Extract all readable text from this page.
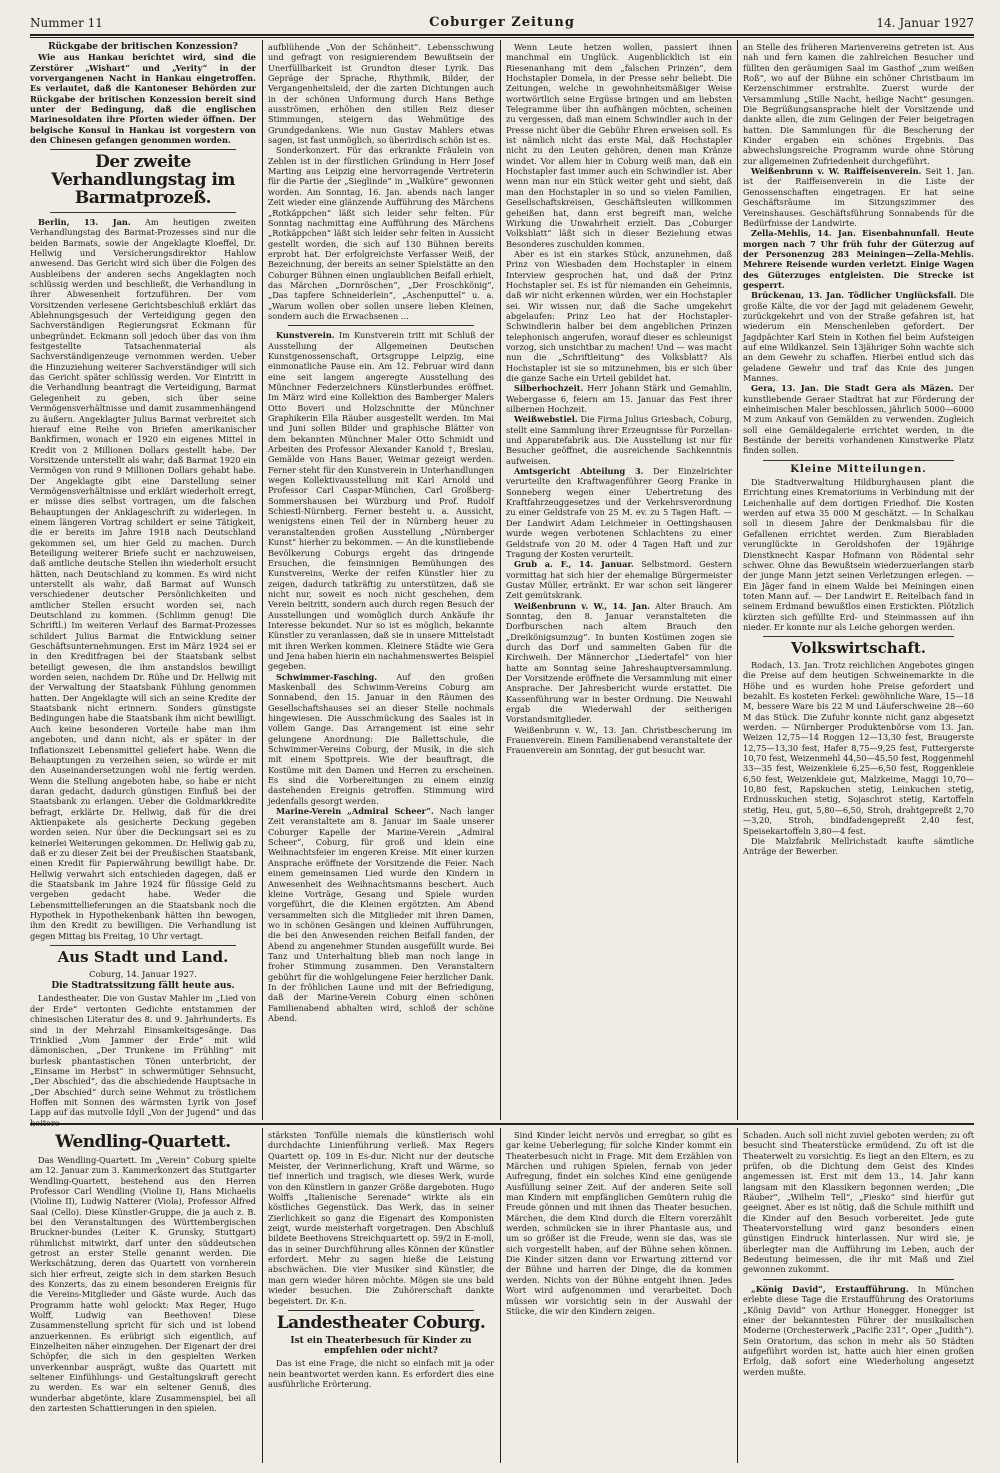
Nummer 11	Coburger Zeitung	14. Januar 1927
Rückgabe der britischen Konzession?

Wie aus Hankau berichtet wird, sind die Zerstörer „Wishart“ und „Verity“ in der vorvergangenen Nacht in Hankau eingetroffen. Es verlautet, daß die Kantoneser Behörden zur Rückgabe der britischen Konzession bereit sind unter der Bedingung, daß die englischen Marinesoldaten ihre Pforten wieder öffnen. Der belgische Konsul in Hankau ist vorgestern von den Chinesen gefangen genommen worden.

Der zweite Verhandlungstag im Barmatprozeß.

Berlin, 13. Jan. Am heutigen zweiten Verhandlungstag des Barmat-Prozesses sind nur die beiden Barmats, sowie der Angeklagte Kloeffel, Dr. Hellwig und Versicherungsdirektor Hahlow anwesend. Das Gericht wird sich über die Folgen des Ausbleibens der anderen sechs Angeklagten noch schlüssig werden und beschließt, die Verhandlung in ihrer Abwesenheit fortzuführen. Der vom Vorsitzenden verlesene Gerichtsbeschluß erklärt das Ablehnungsgesuch der Verteidigung gegen den Sachverständigen Regierungsrat Eckmann für unbegründet. Eckmann soll jedoch über das von ihm festgestellte Tatsachenmaterial als Sachverständigenzeuge vernommen werden. Ueber die Hinzuziehung weiterer Sachverständiger will sich das Gericht später schlüssig werden. Vor Eintritt in die Verhandlung beantragt die Verteidigung, Barmat Gelegenheit zu geben, sich über seine Vermögensverhältnisse und damit zusammenhängend zu äußern. Angeklagter Julius Barmat verbreitet sich hierauf eine Reihe von Briefen amerikanischer Bankfirmen, wonach er 1920 ein eigenes Mittel in Kredit von 2 Millionen Dollars gestellt habe. Der Vorsitzende unterstellt als wahr, daß Barmat 1920 ein Vermögen von rund 9 Millionen Dollars gehabt habe. Der Angeklagte gibt eine Darstellung seiner Vermögensverhältnisse und erklärt wiederholt erregt, er müsse dies selbst vortragen, um die falschen Behauptungen der Anklageschrift zu widerlegen. In einem längeren Vortrag schildert er seine Tätigkeit, die er bereits im Jahre 1918 nach Deutschland gekommen sei, um hier Geld zu machen. Durch Beteiligung weiterer Briefe sucht er nachzuweisen, daß amtliche deutsche Stellen ihn wiederholt ersucht hätten, nach Deutschland zu kommen. Es wird nicht unterstellt als wahr, daß Barmat auf Wunsch verschiedener deutscher Persönlichkeiten und amtlicher Stellen ersucht worden sei, nach Deutschland zu kommen. (Schlimm genug! Die Schriftl.) Im weiteren Verlauf des Barmat-Prozesses schildert Julius Barmat die Entwicklung seiner Geschäftsunternehmungen. Erst im März 1924 sei er in den Kreditfragen bei der Staatsbank selbst beteiligt gewesen, die ihm anstandslos bewilligt worden seien, nachdem Dr. Rühe und Dr. Hellwig mit der Verwaltung der Staatsbank Fühlung genommen hatten. Der Angeklagte will sich an seine Kredite der Staatsbank nicht erinnern. Sonders günstigste Bedingungen habe die Staatsbank ihm nicht bewilligt. Auch keine besonderen Vorteile habe man ihm angeboten, und dann nicht, als er später in der Inflationszeit Lebensmittel geliefert habe. Wenn die Behauptungen zu verzeihen seien, so würde er mit den Auseinandersetzungen wohl nie fertig werden. Wenn die Stellung angeboten habe, so habe er nicht daran gedacht, dadurch günstigen Einfluß bei der Staatsbank zu erlangen. Ueber die Goldmarkkredite befragt, erklärte Dr. Hellwig, daß für die drei Aktienpakete als gesicherte Deckung gegeben worden seien. Nur über die Deckungsart sei es zu keinerlei Weiterungen gekommen. Dr. Hellwig gab zu, daß er zu dieser Zeit bei der Preußischen Staatsbank, einen Kredit für Papierwährung bewilligt habe. Dr. Hellwig verwahrt sich entschieden dagegen, daß er die Staatsbank im Jahre 1924 für flüssige Geld zu vergeben gedacht habe. Weder die Lebensmittellieferungen an die Staatsbank noch die Hypothek in Hypothekenbank hätten ihn bewogen, ihm den Kredit zu bewilligen. Die Verhandlung ist gegen Mittag bis Freitag, 10 Uhr vertagt.

Aus Stadt und Land.
Coburg, 14. Januar 1927.
Die Stadtratssitzung fällt heute aus.

Landestheater. Die von Gustav Mahler im „Lied von der Erde“ vertonten Gedichte entstammen der chinesischen Literatur des 8. und 9. Jahrhunderts. Es sind in der Mehrzahl Einsamkeitsgesänge. Das Trinklied „Vom Jammer der Erde“ mit wild dämonischen, „Der Trunkene im Frühling“ mit burlesk phantastischen Tönen unterbricht, der „Einsame im Herbst“ in schwermütiger Sehnsucht, „Der Abschied“, das die abschiedende Hauptsache in „Der Abschied“ durch seine Wehmut zu tröstlichem Hoffen mit Sonnen des wärmsten Lyrik von Josef Lapp auf das mutvolle Idyll „Von der Jugend“ und das heitere

aufblühende „Von der Schönheit“. Lebensschwung und gefragt von resignierendem Bewußtsein der Unerfüllbarkeit ist Grundton dieser Lyrik. Das Gepräge der Sprache, Rhythmik, Bilder, der Vergangenheitsleid, der die zarten Dichtungen auch in der schönen Unformung durch Hans Bethge ausströmen, erhöhen den stillen Reiz dieser Stimmungen, steigern das Wehmütige des Grundgedankens. Wie nun Gustav Mahlers etwas sagen, ist fast unmöglich, so überirdisch schön ist es.

Sonderkonzert. Für das erkrankte Fräulein von Zeblen ist in der fürstlichen Gründung in Herr Josef Marting aus Leipzig eine hervorragende Vertreterin für die Partie der „Sieglinde“ in „Walküre“ gewonnen worden. Am Sonntag, 16. Jan. abends nach langer Zeit wieder eine glänzende Aufführung des Märchens „Rotkäppchen“ läßt sich leider sehr felten. Für Sonntag nachmittag eine Aufführung des Märchens „Rotkäppchen“ läßt sich leider sehr felten in Aussicht gestellt worden, die sich auf 130 Bühnen bereits erprobt hat. Der erfolgreichste Verfasser Weiß, der Bezeichnung, der bereits an seiner Spielstätte an den Coburger Bühnen einen unglaublichen Beifall erhielt, das Märchen „Dornröschen“, „Der Froschkönig“, „Das tapfere Schneiderlein“, „Aschenputtel“ u. a. „Warum wollen ober sollen unsere lieben Kleinen, sondern auch die Erwachsenen ...

Kunstverein. Im Kunstverein tritt mit Schluß der Ausstellung der Allgemeinen Deutschen Kunstgenossenschaft, Ortsgruppe Leipzig, eine einmonatliche Pause ein. Am 12. Februar wird dann eine seit langem angeregte Ausstellung des Münchner Federzeichners Künstlerbundes eröffnet. Im März wird eine Kollektion des Bamberger Malers Otto Boveri und Holzschnitte der Münchner Graphikerin Ella Räuber ausgestellt werden. Im Mai und Juni sollen Bilder und graphische Blätter von dem bekannten Münchner Maler Otto Schmidt und Arbeiten des Professor Alexander Kanold †, Breslau, Gemälde von Hans Bauer, Weimar gezeigt werden. Ferner steht für den Kunstverein in Unterhandlungen wegen Kollektivausstellung mit Karl Arnold und Professor Carl Caspar-München, Carl Großberg-Sommershausen bei Würzburg und Prof. Rudolf Schiestl-Nürnberg. Ferner besteht u. a. Aussicht, wenigstens einen Teil der in Nürnberg heuer zu veranstaltenden großen Ausstellung „Nürnberger Kunst“ hierher zu bekommen. — An die kunstliebende Bevölkerung Coburgs ergeht das dringende Ersuchen, die feinsinnigen Bemühungen des Kunstvereins, Werke der reifen Künstler hier zu zeigen, dadurch tatkräftig zu unterstützen, daß sie nicht nur, soweit es noch nicht geschehen, dem Verein beitritt, sondern auch durch regen Besuch der Ausstellungen und womöglich durch Ankäufe ihr Interesse bekundet. Nur so ist es möglich, bekannte Künstler zu veranlassen, daß sie in unsere Mittelstadt mit ihren Werken kommen. Kleinere Städte wie Gera und Jena haben hierin ein nachahmenswertes Beispiel gegeben.

Schwimmer-Fasching. Auf den großen Maskenball des Schwimm-Vereins Coburg am Sonnabend, den 15. Januar in den Räumen des Gesellschaftshauses sei an dieser Stelle nochmals hingewiesen. Die Ausschmückung des Saales ist in vollem Gange. Das Arrangement ist eine sehr gelungene Anordnung: Die Ballettschule, die Schwimmer-Vereins Coburg, der Musik, in die sich mit einem Spottpreis. Wie der beauftragt, die Kostüme mit den Damen und Herren zu erscheinen. Es sind die Vorbereitungen zu einem einzig dastehenden Ereignis getroffen. Stimmung wird jedenfalls gesorgt werden.

Marine-Verein „Admiral Scheer“. Nach langer Zeit veranstaltete am 8. Januar im Saale unserer Coburger Kapelle der Marine-Verein „Admiral Scheer“, Coburg, für groß und klein eine Weihnachtsfeier im engeren Kreise. Mit einer kurzen Ansprache eröffnete der Vorsitzende die Feier. Nach einem gemeinsamen Lied wurde den Kindern in Anwesenheit des Weihnachtsmanns beschert. Auch kleine Vorträge, Gesang und Spiele wurden vorgeführt, die die Kleinen ergötzten. Am Abend versammelten sich die Mitglieder mit ihren Damen, wo in schönen Gesängen und kleinen Aufführungen, die bei den Anwesenden reichen Beifall fanden, der Abend zu angenehmer Stunden ausgefüllt wurde. Bei Tanz und Unterhaltung blieb man noch lange in froher Stimmung zusammen. Den Veranstaltern gebührt für die wohlgelungene Feier herzlicher Dank. In der fröhlichen Laune und mit der Befriedigung, daß der Marine-Verein Coburg einen schönen Familienabend abhalten wird, schloß der schöne Abend.

Wenn Leute hetzen wollen, passiert ihnen manchmal ein Unglück. Augenblicklich ist ein Riesenanhang mit dem „falschen Prinzen“, dem Hochstapler Domela, in der Presse sehr beliebt. Die Zeitungen, welche in gewohnheitsmäßiger Weise wortwörtlich seine Ergüsse bringen und am liebsten Telegramme über ihn aufhängen möchten, scheinen zu vergessen, daß man einem Schwindler auch in der Presse nicht über die Gebühr Ehren erweisen soll. Es ist nämlich nicht das erste Mal, daß Hochstapler nicht zu den Leuten gehören, denen man Kränze windet. Vor allem hier in Coburg weiß man, daß ein Hochstapler fast immer auch ein Schwindler ist. Aber wenn man nur ein Stück weiter geht und sieht, daß man den Hochstapler in so und so vielen Familien, Gesellschaftskreisen, Geschäftsleuten willkommen geheißen hat, dann erst begreift man, welche Wirkung die Unwahrheit erzielt. Das „Coburger Volksblatt“ läßt sich in dieser Beziehung etwas Besonderes zuschulden kommen.

Aber es ist ein starkes Stück, anzunehmen, daß Prinz von Wiesbaden dem Hochstapler in einem Interview gesprochen hat, und daß der Prinz Hochstapler sei. Es ist für niemanden ein Geheimnis, daß wir nicht erkennen würden, wer ein Hochstapler sei. Wir wissen nur, daß die Sache umgekehrt abgelaufen: Prinz Leo hat der Hochstapler-Schwindlerin halber bei dem angeblichen Prinzen telephonisch angerufen, worauf dieser es schleunigst vorzog, sich unsichtbar zu machen! Und — was macht nun die „Schriftleitung“ des Volksblatt? Als Hochstapler ist sie so mitzunehmen, bis er sich über die ganze Sache ein Urteil gebildet hat.

Silberhochzeit. Herr Johann Stärk und Gemahlin, Webergasse 6, feiern am 15. Januar das Fest ihrer silbernen Hochzeit.

Weißwebstiel. Die Firma Julius Griesbach, Coburg, stellt eine Sammlung ihrer Erzeugnisse für Porzellan- und Apparatefabrik aus. Die Ausstellung ist nur für Besucher geöffnet, die ausreichende Sachkenntnis aufweisen.

Amtsgericht Abteilung 3. Der Einzelrichter verurteilte den Kraftwagenführer Georg Franke in Sonneberg wegen einer Uebertretung des Kraftfahrzeuggesetzes und der Verkehrsverordnung zu einer Geldstrafe von 25 M. ev. zu 5 Tagen Haft. — Der Landwirt Adam Leichmeier in Oettingshausen wurde wegen verbotenen Schlachtens zu einer Geldstrafe von 20 M. oder 4 Tagen Haft und zur Tragung der Kosten verurteilt.

Grub a. F., 14. Januar. Selbstmord. Gestern vormittag hat sich hier der ehemalige Bürgermeister Gustav Müller, ertränkt. Er war schon seit längerer Zeit gemütskrank.

Weißenbrunn v. W., 14. Jan. Alter Brauch. Am Sonntag, den 8. Januar veranstalteten die Dorfburschen nach altem Brauch den „Dreikönigsumzug“. In bunten Kostümen zogen sie durch das Dorf und sammelten Gaben für die Kirchweih. Der Männerchor „Liedertafel“ von hier hatte am Sonntag seine Jahreshauptversammlung. Der Vorsitzende eröffnete die Versammlung mit einer Ansprache. Der Jahresbericht wurde erstattet. Die Kassenführung war in bester Ordnung. Die Neuwahl ergab die Wiederwahl der seitherigen Vorstandsmitglieder.

Weißenbrunn v. W., 13. Jan. Christbescherung im Frauenverein. Einem Familienabend veranstaltete der Frauenverein am Sonntag, der gut besucht war.

an Stelle des früheren Marienvereins getreten ist. Aus nah und fern kamen die zahlreichen Besucher und füllten den geräumigen Saal im Gasthof „zum weißen Roß“, wo auf der Bühne ein schöner Christbaum im Kerzenschimmer erstrahlte. Zuerst wurde der Versammlung „Stille Nacht, heilige Nacht“ gesungen. Die Begrüßungsansprache hielt der Vorsitzende und dankte allen, die zum Gelingen der Feier beigetragen hatten. Die Sammlungen für die Bescherung der Kinder ergaben ein schönes Ergebnis. Das abwechslungsreiche Programm wurde ohne Störung zur allgemeinen Zufriedenheit durchgeführt.

Weißenbrunn v. W. Raiffeisenverein. Seit 1. Jan. ist der Raiffeisenverein in die Liste der Genossenschaften eingetragen. Er hat seine Geschäftsräume im Sitzungszimmer des Vereinshauses. Geschäftsführung Sonnabends für die Bedürfnisse der Landwirte.

Zella-Mehlis, 14. Jan. Eisenbahnunfall. Heute morgen nach 7 Uhr früh fuhr der Güterzug auf der Personenzug 283 Meiningen—Zella-Mehlis. Mehrere Reisende wurden verletzt. Einige Wagen des Güterzuges entgleisten. Die Strecke ist gesperrt.

Brückenau, 13. Jan. Tödlicher Unglücksfall. Die große Kälte, die vor der Jagd mit geladenem Gewehr, zurückgekehrt und von der Straße gefahren ist, hat wiederum ein Menschenleben gefordert. Der Jagdpächter Karl Stein in Kothen fiel beim Aufsteigen auf eine Wildkanzel. Sein 13jähriger Sohn wachte sich an dem Gewehr zu schaffen. Hierbei entlud sich das geladene Gewehr und traf das Knie des jungen Mannes.

Gera, 13. Jan. Die Stadt Gera als Mäzen. Der kunstliebende Geraer Stadtrat hat zur Förderung der einheimischen Maler beschlossen, jährlich 5000—6000 M zum Ankauf von Gemälden zu verwenden. Zugleich soll eine Gemäldegalerie errichtet werden, in die Bestände der bereits vorhandenen Kunstwerke Platz finden sollen.

Kleine Mitteilungen.

Die Stadtverwaltung Hildburghausen plant die Errichtung eines Krematoriums in Verbindung mit der Leichenhalle auf dem dortigen Friedhof. Die Kosten werden auf etwa 35 000 M geschätzt. — In Schalkau soll in diesem Jahre der Denkmalsbau für die Gefallenen errichtet werden. Zum Bierabladen verunglückte in Geroldshofen der 19jährige Dienstknecht Kaspar Hofmann von Rödental sehr schwer. Ohne das Bewußtsein wiederzuerlangen starb der junge Mann jetzt seinen Verletzungen erlegen. — Ein Jäger fand in einem Walde bei Meiningen einen toten Mann auf. — Der Landwirt E. Reitelbach fand in seinem Erdmand bewußtlos einen Erstickten. Plötzlich kürzten sich gefüllte Erd- und Steinmassen auf ihn nieder. Er konnte nur als Leiche geborgen werden.

Volkswirtschaft.

Rodach, 13. Jan. Trotz reichlichen Angebotes gingen die Preise auf dem heutigen Schweinemarkte in die Höhe und es wurden hohe Preise gefordert und bezahlt. Es kosteten Ferkel: gewöhnliche Ware, 15—18 M, bessere Ware bis 22 M und Läuferschweine 28—60 M das Stück. Die Zufuhr konnte nicht ganz abgesetzt werden. — Nürnberger Produktenbörse vom 13. Jan. Weizen 12,75—14 Roggen 12—13,30 fest, Braugerste 12,75—13,30 fest, Hafer 8,75—9,25 fest, Futtergerste 10,70 fest, Weizenmehl 44,50—45,50 fest, Roggenmehl 33—35 fest, Weizenkleie 6,25—6,50 fest, Roggenkleie 6,50 fest, Weizenkleie gut, Malzkeime, Maggi 10,70—10,80 fest, Rapskuchen stetig, Leinkuchen stetig, Erdnusskuchen stetig, Sojaschrot stetig, Kartoffeln stetig, Heu, gut, 5,80—6,50, Stroh, drahtgepreßt 2,70—3,20, Stroh, bindfadengepreßt 2,40 fest, Speisekartoffeln 3,80—4 fest.

Die Malzfabrik Mellrichstadt kaufte sämtliche Anträge der Bewerber.

Wendling-Quartett.

Das Wendling-Quartett. Im „Verein“ Coburg spielte am 12. Januar zum 3. Kammerkonzert das Stuttgarter Wendling-Quartett, bestehend aus den Herren Professor Carl Wendling (Violine I), Hans Michaelis (Violine II), Ludwig Natterer (Viola), Professor Alfred Saal (Cello). Diese Künstler-Gruppe, die ja auch z. B. bei den Veranstaltungen des Württembergischen Bruckner-bundes (Leiter K. Grunsky, Stuttgart) rühmlichst mitwirkt, darf unter den süddeutschen getrost an erster Stelle genannt werden. Die Werkschätzung, deren das Quartett von vornherein sich hier erfreut, zeigte sich in dem starken Besuch des Konzerts, das zu einem besonderen Ereignis für die Vereins-Mitglieder und Gäste wurde. Auch das Programm hatte wohl gelockt: Max Reger, Hugo Wolff, Ludwig van Beethoven! Diese Zusammenstellung spricht für sich und ist lobend anzuerkennen. Es erübrigt sich eigentlich, auf Einzelheiten näher einzugehen. Der Eigenart der drei Schöpfer, die sich in den gespielten Werken unverkennbar ausprägt, wußte das Quartett mit seltener Einfühlungs- und Gestaltungskraft gerecht zu werden. Es war ein seltener Genuß, dies wunderbar abgetönte, klare Zusammenspiel, bei all den zartesten Schattierungen in den spielen.

stärksten Tonfülle niemals die künstlerisch wohl durchdachte Linienführung verließ. Max Regers Quartett op. 109 in Es-dur. Nicht nur der deutsche Meister, der Verinnerlichung, Kraft und Wärme, so tief innerlich und tragisch, wie dieses Werk, wurde von den Künstlern in ganzer Größe dargeboten. Hugo Wolffs „Italienische Serenade“ wirkte als ein köstliches Gegenstück. Das Werk, das in seiner Zierlichkeit so ganz die Eigenart des Komponisten zeigt, wurde meisterhaft vorgetragen. Den Abschluß bildete Beethovens Streichquartett op. 59/2 in E-moll, das in seiner Durchführung alles Können der Künstler erfordert. Mehr zu sagen hieße die Leistung abschwächen. Die vier Musiker sind Künstler, die man gern wieder hören möchte. Mögen sie uns bald wieder besuchen. Die Zuhörerschaft dankte begeistert. Dr. K-n.

Landestheater Coburg.
Ist ein Theaterbesuch für Kinder zu empfehlen oder nicht?

Das ist eine Frage, die nicht so einfach mit ja oder nein beantwortet werden kann. Es erfordert dies eine ausführliche Erörterung.

Sind Kinder leicht nervös und erregbar, so gibt es gar keine Ueberlegung; für solche Kinder kommt ein Theaterbesuch nicht in Frage. Mit dem Erzählen von Märchen und ruhigen Spielen, fernab von jeder Aufregung, findet ein solches Kind eine genügende Ausfüllung seiner Zeit. Auf der anderen Seite soll man Kindern mit empfänglichen Gemütern ruhig die Freude gönnen und mit ihnen das Theater besuchen. Märchen, die dem Kind durch die Eltern vorerzählt werden, schmücken sie in ihrer Phantasie aus, und um so größer ist die Freude, wenn sie das, was sie sich vorgestellt haben, auf der Bühne sehen können. Die Kinder sitzen dann vor Erwartung zitternd vor der Bühne und harren der Dinge, die da kommen werden. Nichts von der Bühne entgeht ihnen. Jedes Wort wird aufgenommen und verarbeitet. Doch müssen wir vorsichtig sein in der Auswahl der Stücke, die wir den Kindern zeigen.

Schaden. Auch soll nicht zuviel geboten werden; zu oft besucht sind Theaterstücke ermüdend. Zu oft ist die Theaterwelt zu vorsichtig. Es liegt an den Eltern, es zu prüfen, ob die Dichtung dem Geist des Kindes angemessen ist. Erst mit dem 13., 14. Jahr kann langsam mit den Klassikern begonnen werden; „Die Räuber“, „Wilhelm Tell“, „Fiesko“ sind hierfür gut geeignet. Aber es ist nötig, daß die Schule mithilft und die Kinder auf den Besuch vorbereitet. Jede gute Theatervorstellung wird ganz besonders einen günstigen Eindruck hinterlassen. Nur wird sie, je überlegter man die Aufführung im Leben, auch der Bedeutung beimessen, die ihr mit Maß und Ziel gewonnen zukommt.

„König David“, Erstaufführung. In München erlebte diese Tage die Erstaufführung des Oratoriums „König David“ von Arthur Honegger. Honegger ist einer der bekanntesten Führer der musikalischen Moderne (Orchesterwerk „Pacific 231“, Oper „Judith“). Sein Oratorium, das schon in mehr als 50 Städten aufgeführt worden ist, hatte auch hier einen großen Erfolg, daß sofort eine Wiederholung angesetzt werden mußte.
